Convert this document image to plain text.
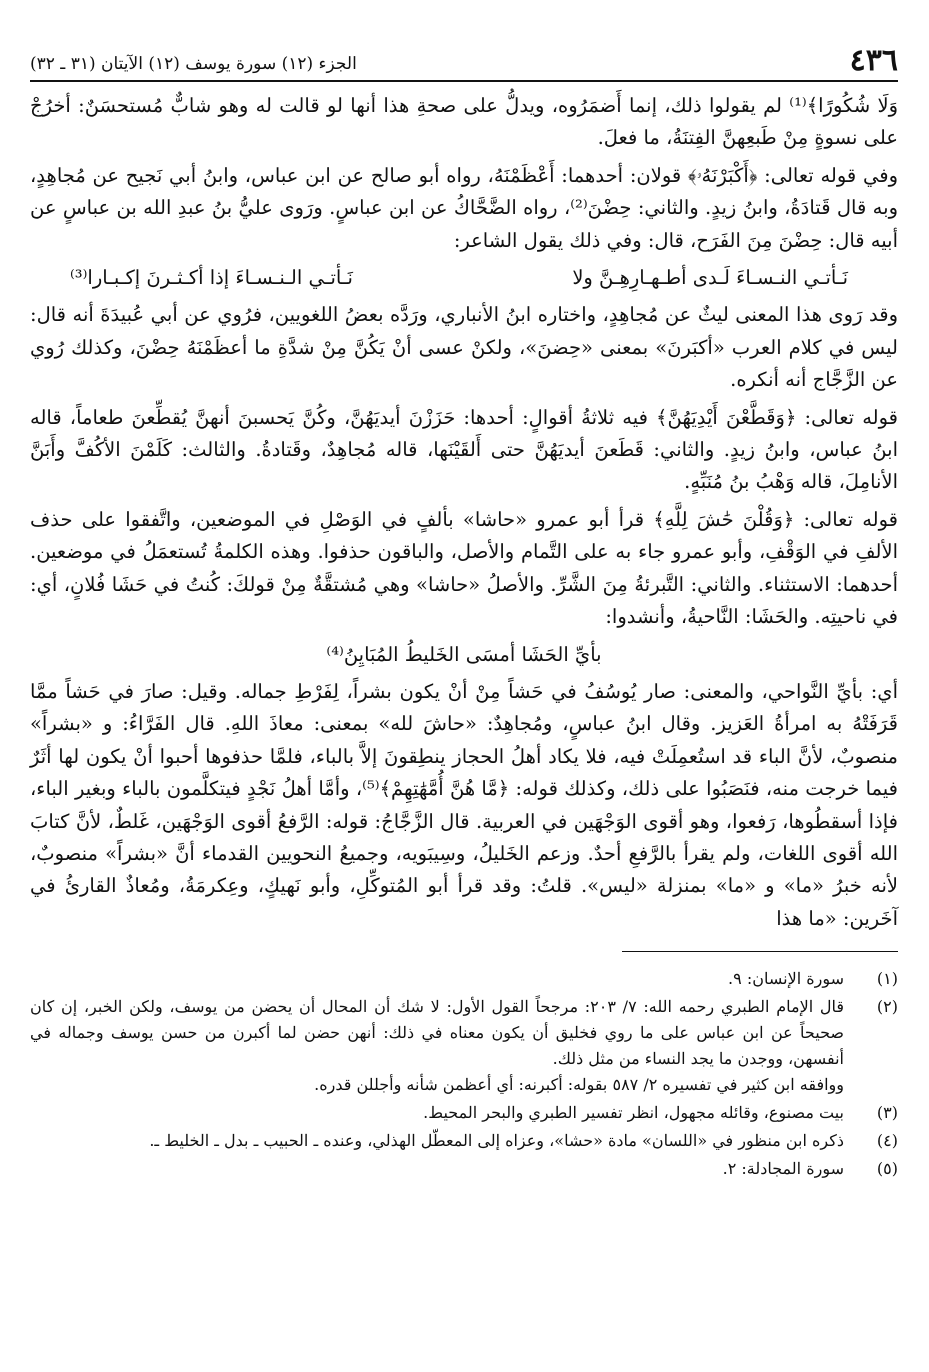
٤٣٦
الجزء (١٢) سورة يوسف (١٢) الآيتان (٣١ ـ ٣٢)

وَلَا شُكُورًا﴾⁽¹⁾ لم يقولوا ذلك، إنما أَضمَرُوه، ويدلُّ على صحةِ هذا أنها لو قالت له وهو شابٌّ مُستحسَنٌ: أخرُجْ على نسوةٍ مِنْ طَبعِهنَّ الفِتنَةُ، ما فعلَ.

وفي قوله تعالى: ﴿أَكْبَرْنَهُۥ﴾ قولان: أحدهما: أَعْظَمْنَهُ، رواه أبو صالح عن ابن عباس، وابنُ أبي نَجيح عن مُجاهِدٍ، وبه قال قَتادَةُ، وابنُ زيدٍ. والثاني: حِضْنَ⁽²⁾، رواه الضَّحَّاكُ عن ابن عباسٍ. ورَوى عليُّ بنُ عبدِ الله بن عباسٍ عن أبيه قال: حِضْنَ مِنَ الفَرَح، قال: وفي ذلك يقول الشاعر:

نَـأتـي النـسـاءَ لَـدى أطـهـارِهِـنَّ ولا
نَـأتـي الـنـسـاءَ إذا أكـثـرنَ إكـبـارا⁽³⁾

وقد رَوى هذا المعنى ليثٌ عن مُجاهِدٍ، واختاره ابنُ الأنباري، ورَدَّه بعضُ اللغويين، فرُوي عن أبي عُبيدَةَ أنه قال: ليس في كلام العرب «أكبَرنَ» بمعنى «حِضنَ»، ولكنْ عسى أنْ يَكُنَّ مِنْ شدَّةِ ما أعظَمْنَهُ حِضْنَ، وكذلك رُوي عن الزَّجَّاج أنه أنكره.

قوله تعالى: ﴿وَقَطَّعْنَ أَيْدِيَهُنَّ﴾ فيه ثلاثةُ أقوالٍ: أحدها: حَزَزْنَ أيديَهُنَّ، وكُنَّ يَحسبنَ أنهنَّ يُقطِّعنَ طعاماً، قاله ابنُ عباس، وابنُ زيدٍ. والثاني: قَطَعنَ أيديَهُنَّ حتى أَلقَيْنَها، قاله مُجاهِدٌ، وقَتادةُ. والثالث: كَلَمْنَ الأكُفَّ وأَبَنَّ الأنامِلَ، قاله وَهْبُ بنُ مُنَبِّهٍ.

قوله تعالى: ﴿وَقُلْنَ حَٰشَ لِلَّهِ﴾ قرأ أبو عمرو «حاشا» بألفٍ في الوَصْلِ في الموضعين، واتَّفقوا على حذف الألفِ في الوَقْفِ، وأبو عمرو جاء به على التَّمام والأصل، والباقون حذفوا. وهذه الكلمةُ تُستعمَلُ في موضعين. أحدهما: الاستثناء. والثاني: التَّبرئةُ مِنَ الشَّرِّ. والأصلُ «حاشا» وهي مُشتقَّةٌ مِنْ قولكَ: كُنتُ في حَشَا فُلانٍ، أي: في ناحيتِه. والحَشَا: النَّاحيةُ، وأنشدوا:

بأيِّ الحَشَا أمسَى الخَليطُ المُبَايِنُ⁽⁴⁾

أي: بأيِّ النَّواحي، والمعنى: صار يُوسُفُ في حَشاً مِنْ أنْ يكون بشراً، لِفَرْطِ جماله. وقيل: صارَ في حَشاً ممَّا قَرَفَتْهُ به امرأةُ العَزيز. وقال ابنُ عباسٍ، ومُجاهِدٌ: «حاشَ لله» بمعنى: معاذَ اللهِ. قال الفَرَّاءُ: و «بشراً» منصوبٌ، لأنَّ الباء قد استُعمِلَتْ فيه، فلا يكاد أهلُ الحجاز ينطِقونَ إلاَّ بالباء، فلمَّا حذفوها أحبوا أنْ يكون لها أثَرٌ فيما خرجت منه، فنَصَبُوا على ذلك، وكذلك قوله: ﴿مَّا هُنَّ أُمَّهَٰتِهِمْ﴾⁽⁵⁾، وأمَّا أهلُ نَجْدٍ فيتكلَّمون بالباء وبغير الباء، فإذا أسقطُوها، رَفعوا، وهو أقوى الوَجْهَين في العربية. قال الزَّجَّاجُ: قوله: الرَّفعُ أقوى الوَجْهَين، غَلطٌ، لأنَّ كتابَ الله أقوى اللغات، ولم يقرأ بالرَّفعِ أحدٌ. وزعم الخَليلُ، وسِيبَويه، وجميعُ النحويين القدماء أنَّ «بشراً» منصوبٌ، لأنه خبرُ «ما» و «ما» بمنزلة «ليس». قلتُ: وقد قرأ أبو المُتوكِّلِ، وأبو نَهيكٍ، وعِكرمَةُ، ومُعاذٌ القارئُ في آخَرين: «ما هذا

(١)
سورة الإنسان: ٩.
(٢)
قال الإمام الطبري رحمه الله: ٧/ ٢٠٣: مرجحاً القول الأول: لا شك أن المحال أن يحضن من يوسف، ولكن الخبر، إن كان صحيحاً عن ابن عباس على ما روي فخليق أن يكون معناه في ذلك: أنهن حضن لما أكبرن من حسن يوسف وجماله في أنفسهن، ووجدن ما يجد النساء من مثل ذلك.
ووافقه ابن كثير في تفسيره ٢/ ٥٨٧ بقوله: أكبرنه: أي أعظمن شأنه وأجللن قدره.
(٣)
بيت مصنوع، وقائله مجهول، انظر تفسير الطبري والبحر المحيط.
(٤)
ذكره ابن منظور في «اللسان» مادة «حشا»، وعزاه إلى المعطّل الهذلي، وعنده ـ الحبيب ـ بدل ـ الخليط ـ.
(٥)
سورة المجادلة: ٢.
